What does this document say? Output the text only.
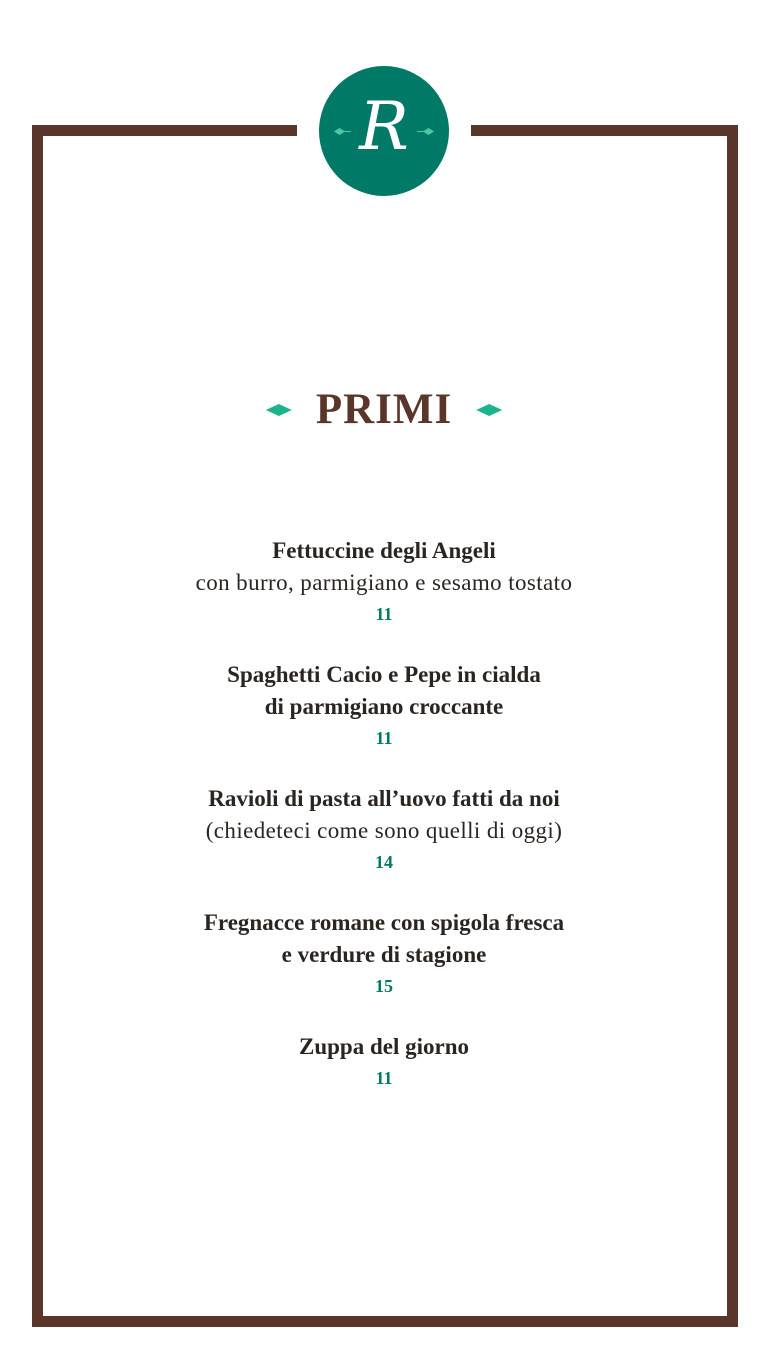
R
PRIMI

Fettuccine degli Angeli

con burro, parmigiano e sesamo tostato

11

Spaghetti Cacio e Pepe in cialda

di parmigiano croccante

11

Ravioli di pasta all’uovo fatti da noi

(chiedeteci come sono quelli di oggi)

14

Fregnacce romane con spigola fresca

e verdure di stagione

15

Zuppa del giorno

11
